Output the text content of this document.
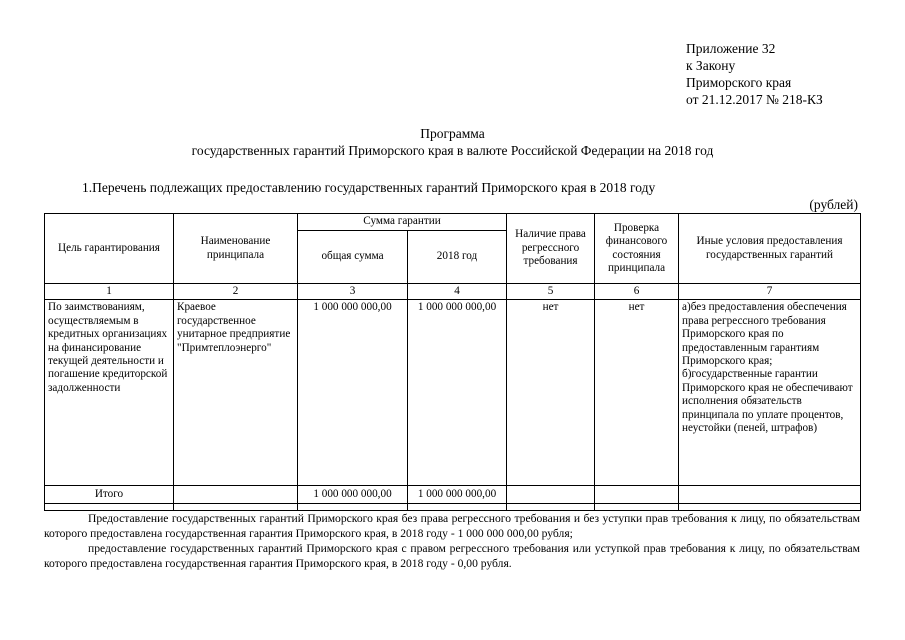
Приложение 32
к Закону
Приморского края
от 21.12.2017 № 218-КЗ
Программа
государственных гарантий Приморского края в валюте Российской Федерации на 2018 год
1.Перечень подлежащих предоставлению государственных гарантий Приморского края в 2018 году
(рублей)
Цель гарантирования	Наименование принципала	Сумма гарантии		Наличие права регрессного требования	Проверка финансового состояния принципала	Иные условия предоставления государственных гарантий
		общая сумма	2018 год			
1	2	3	4	5	6	7
По заимствованиям, осуществляемым в кредитных организациях на финансирование текущей деятельности и погашение кредиторской задолженности	Краевое государственное унитарное предприятие "Примтеплоэнерго"	1 000 000 000,00	1 000 000 000,00	нет	нет	а)без предоставления обеспечения права регрессного требования Приморского края по предоставленным гарантиям Приморского края; б)государственные гарантии Приморского края не обеспечивают исполнения обязательств принципала по уплате процентов, неустойки (пеней, штрафов)
Итого		1 000 000 000,00	1 000 000 000,00			

Предоставление государственных гарантий Приморского края без права регрессного требования и без уступки прав требования к лицу, по обязательствам которого предоставлена государственная гарантия Приморского края, в 2018 году - 1 000 000 000,00 рубля;

предоставление государственных гарантий Приморского края с правом регрессного требования или уступкой прав требования к лицу, по обязательствам которого предоставлена государственная гарантия Приморского края, в 2018 году - 0,00 рубля.
